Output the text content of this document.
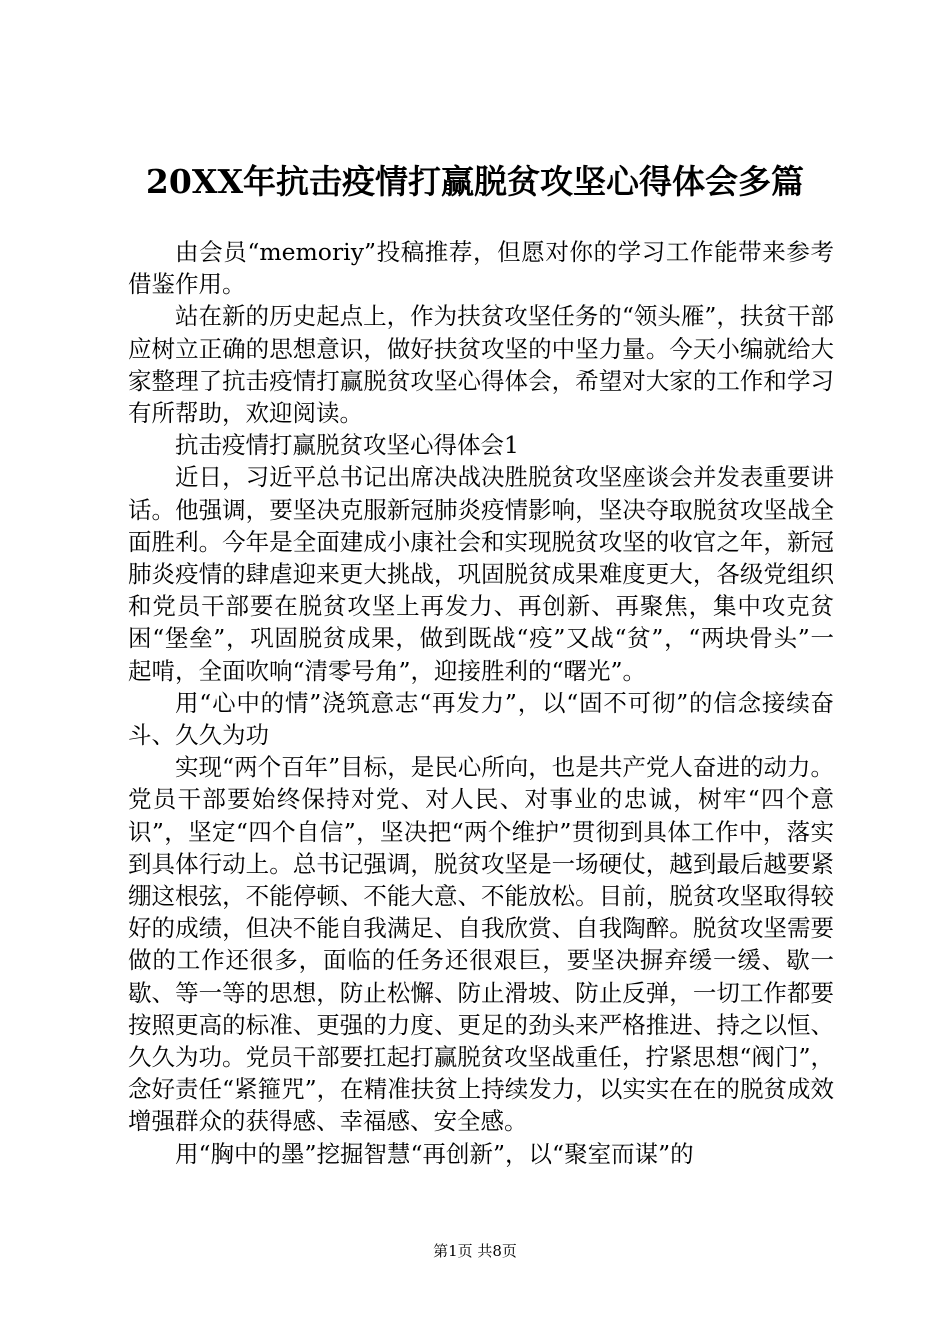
20XX年抗击疫情打赢脱贫攻坚心得体会多篇

由会员“memoriy”投稿推荐，但愿对你的学习工作能带来参考借鉴作用。

站在新的历史起点上，作为扶贫攻坚任务的“领头雁”，扶贫干部应树立正确的思想意识，做好扶贫攻坚的中坚力量。今天小编就给大家整理了抗击疫情打赢脱贫攻坚心得体会，希望对大家的工作和学习有所帮助，欢迎阅读。

抗击疫情打赢脱贫攻坚心得体会1

近日，习近平总书记出席决战决胜脱贫攻坚座谈会并发表重要讲话。他强调，要坚决克服新冠肺炎疫情影响，坚决夺取脱贫攻坚战全面胜利。今年是全面建成小康社会和实现脱贫攻坚的收官之年，新冠肺炎疫情的肆虐迎来更大挑战，巩固脱贫成果难度更大，各级党组织和党员干部要在脱贫攻坚上再发力、再创新、再聚焦，集中攻克贫困“堡垒”，巩固脱贫成果，做到既战“疫”又战“贫”，“两块骨头”一起啃，全面吹响“清零号角”，迎接胜利的“曙光”。

用“心中的情”浇筑意志“再发力”，以“固不可彻”的信念接续奋斗、久久为功

实现“两个百年”目标，是民心所向，也是共产党人奋进的动力。党员干部要始终保持对党、对人民、对事业的忠诚，树牢“四个意识”，坚定“四个自信”，坚决把“两个维护”贯彻到具体工作中，落实到具体行动上。总书记强调，脱贫攻坚是一场硬仗，越到最后越要紧绷这根弦，不能停顿、不能大意、不能放松。目前，脱贫攻坚取得较好的成绩，但决不能自我满足、自我欣赏、自我陶醉。脱贫攻坚需要做的工作还很多，面临的任务还很艰巨，要坚决摒弃缓一缓、歇一歇、等一等的思想，防止松懈、防止滑坡、防止反弹，一切工作都要按照更高的标准、更强的力度、更足的劲头来严格推进、持之以恒、久久为功。党员干部要扛起打赢脱贫攻坚战重任，拧紧思想“阀门”，念好责任“紧箍咒”，在精准扶贫上持续发力，以实实在在的脱贫成效增强群众的获得感、幸福感、安全感。

用“胸中的墨”挖掘智慧“再创新”，以“聚室而谋”的

第1页 共8页
